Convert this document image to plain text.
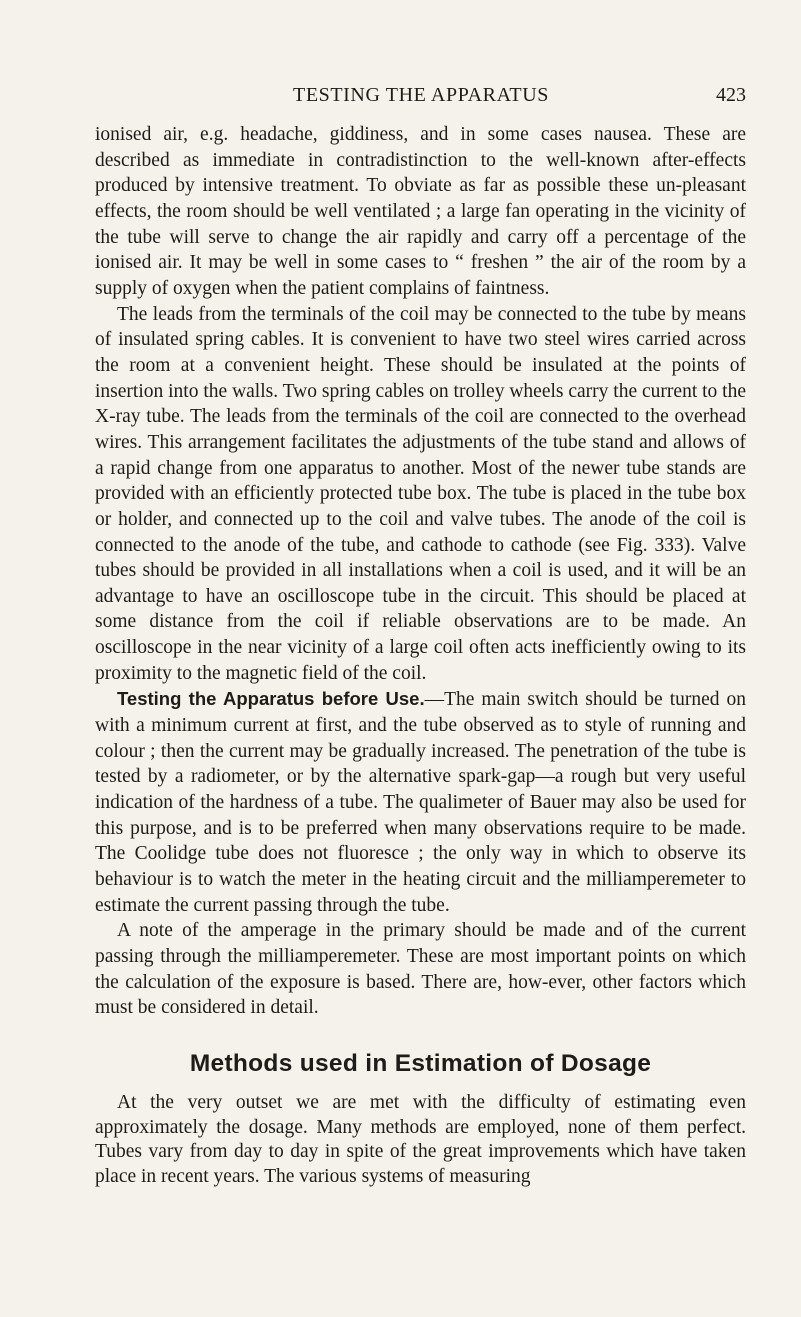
TESTING THE APPARATUS	423

ionised air, e.g. headache, giddiness, and in some cases nausea. These are described as immediate in contradistinction to the well-known after-effects produced by intensive treatment. To obviate as far as possible these un-pleasant effects, the room should be well ventilated ; a large fan operating in the vicinity of the tube will serve to change the air rapidly and carry off a percentage of the ionised air. It may be well in some cases to “ freshen ” the air of the room by a supply of oxygen when the patient complains of faintness.

The leads from the terminals of the coil may be connected to the tube by means of insulated spring cables. It is convenient to have two steel wires carried across the room at a convenient height. These should be insulated at the points of insertion into the walls. Two spring cables on trolley wheels carry the current to the X-ray tube. The leads from the terminals of the coil are connected to the overhead wires. This arrangement facilitates the adjustments of the tube stand and allows of a rapid change from one apparatus to another. Most of the newer tube stands are provided with an efficiently protected tube box. The tube is placed in the tube box or holder, and connected up to the coil and valve tubes. The anode of the coil is connected to the anode of the tube, and cathode to cathode (see Fig. 333). Valve tubes should be provided in all installations when a coil is used, and it will be an advantage to have an oscilloscope tube in the circuit. This should be placed at some distance from the coil if reliable observations are to be made. An oscilloscope in the near vicinity of a large coil often acts inefficiently owing to its proximity to the magnetic field of the coil.

Testing the Apparatus before Use.—The main switch should be turned on with a minimum current at first, and the tube observed as to style of running and colour ; then the current may be gradually increased. The penetration of the tube is tested by a radiometer, or by the alternative spark-gap—a rough but very useful indication of the hardness of a tube. The qualimeter of Bauer may also be used for this purpose, and is to be preferred when many observations require to be made. The Coolidge tube does not fluoresce ; the only way in which to observe its behaviour is to watch the meter in the heating circuit and the milliamperemeter to estimate the current passing through the tube.

A note of the amperage in the primary should be made and of the current passing through the milliamperemeter. These are most important points on which the calculation of the exposure is based. There are, how-ever, other factors which must be considered in detail.

Methods used in Estimation of Dosage

At the very outset we are met with the difficulty of estimating even approximately the dosage. Many methods are employed, none of them perfect. Tubes vary from day to day in spite of the great improvements which have taken place in recent years. The various systems of measuring
